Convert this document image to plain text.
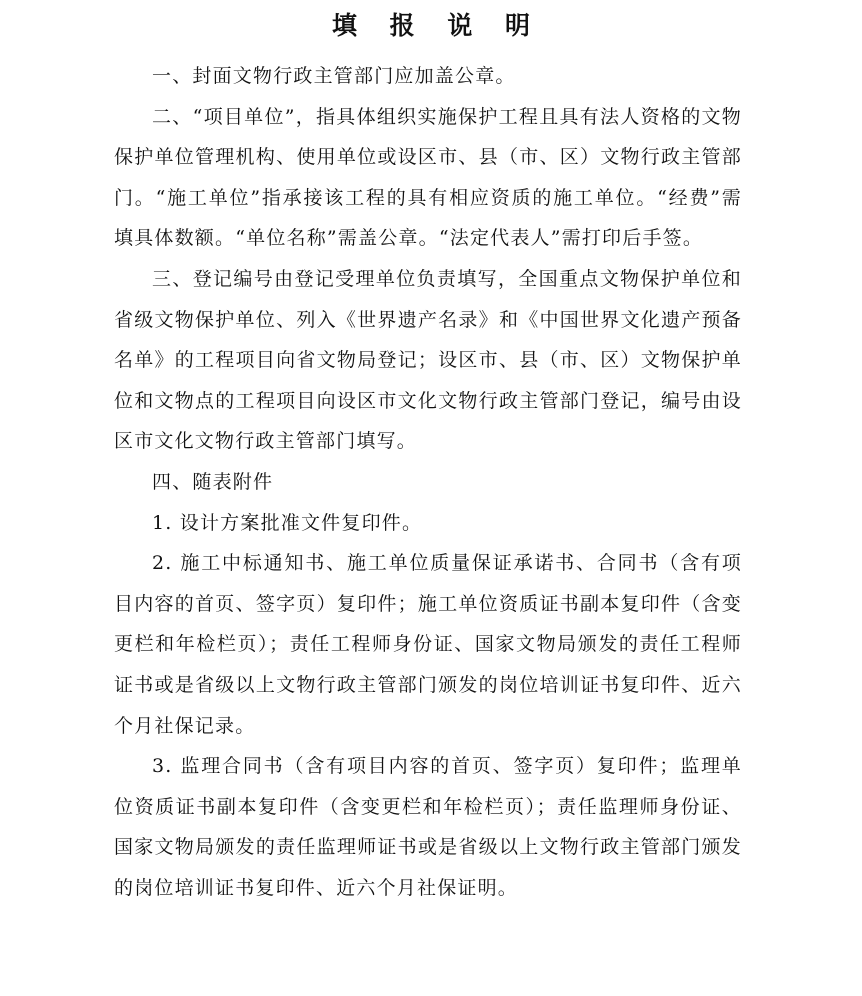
填 报 说 明

一、封面文物行政主管部门应加盖公章。

二、“项目单位”，指具体组织实施保护工程且具有法人资格的文物保护单位管理机构、使用单位或设区市、县（市、区）文物行政主管部门。“施工单位”指承接该工程的具有相应资质的施工单位。“经费”需填具体数额。“单位名称”需盖公章。“法定代表人”需打印后手签。

三、登记编号由登记受理单位负责填写，全国重点文物保护单位和省级文物保护单位、列入《世界遗产名录》和《中国世界文化遗产预备名单》的工程项目向省文物局登记；设区市、县（市、区）文物保护单位和文物点的工程项目向设区市文化文物行政主管部门登记，编号由设区市文化文物行政主管部门填写。

四、随表附件

1. 设计方案批准文件复印件。

2. 施工中标通知书、施工单位质量保证承诺书、合同书（含有项目内容的首页、签字页）复印件；施工单位资质证书副本复印件（含变更栏和年检栏页）；责任工程师身份证、国家文物局颁发的责任工程师证书或是省级以上文物行政主管部门颁发的岗位培训证书复印件、近六个月社保记录。

3. 监理合同书（含有项目内容的首页、签字页）复印件；监理单位资质证书副本复印件（含变更栏和年检栏页）；责任监理师身份证、国家文物局颁发的责任监理师证书或是省级以上文物行政主管部门颁发的岗位培训证书复印件、近六个月社保证明。
